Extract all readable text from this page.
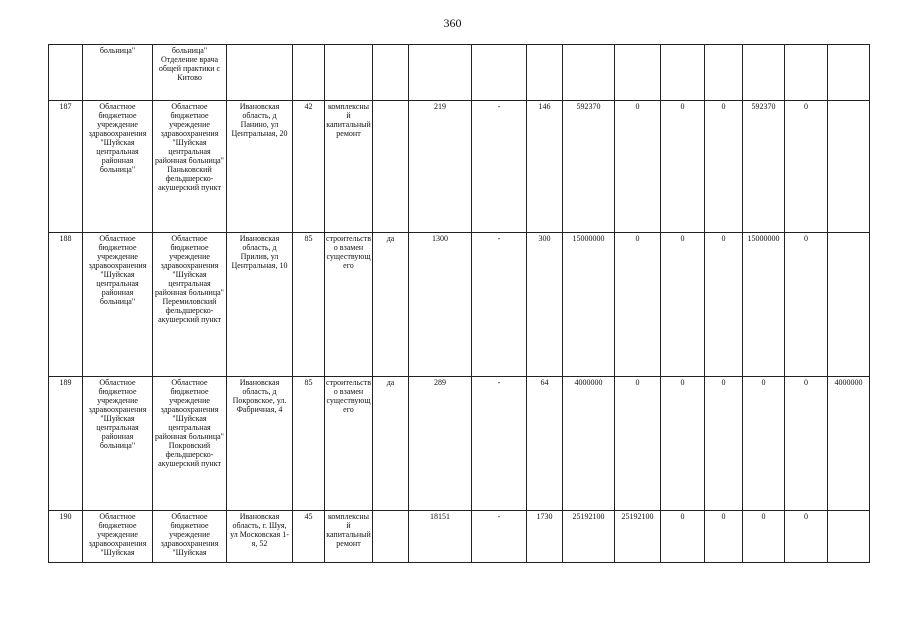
360
	больница"	больница" Отделение врача общей практики с Китово														
187	Областное бюджетное учреждение здравоохранения "Шуйская центральная районная больница"	Областное бюджетное учреждение здравоохранения "Шуйская центральная районная больница" Паньковский фельдшерско-акушерский пункт	Ивановская область, д Панино, ул Центральная, 20	42	комплексный капитальный ремонт		219	-	146	592370	0	0	0	592370	0	
188	Областное бюджетное учреждение здравоохранения "Шуйская центральная районная больница"	Областное бюджетное учреждение здравоохранения "Шуйская центральная районная больница" Перемиловский фельдшерско-акушерский пункт	Ивановская область, д Прилив, ул Центральная, 10	85	строительство взамен существующего	да	1300	-	300	15000000	0	0	0	15000000	0	
189	Областное бюджетное учреждение здравоохранения "Шуйская центральная районная больница"	Областное бюджетное учреждение здравоохранения "Шуйская центральная районная больница" Покровский фельдшерско-акушерский пункт	Ивановская область, д Покровское, ул. Фабричная, 4	85	строительство взамен существующего	да	289	-	64	4000000	0	0	0	0	0	4000000
190	Областное бюджетное учреждение здравоохранения "Шуйская	Областное бюджетное учреждение здравоохранения "Шуйская	Ивановская область, г. Шуя, ул Московская 1-я, 52	45	комплексный капитальный ремонт		18151	-	1730	25192100	25192100	0	0	0	0	
